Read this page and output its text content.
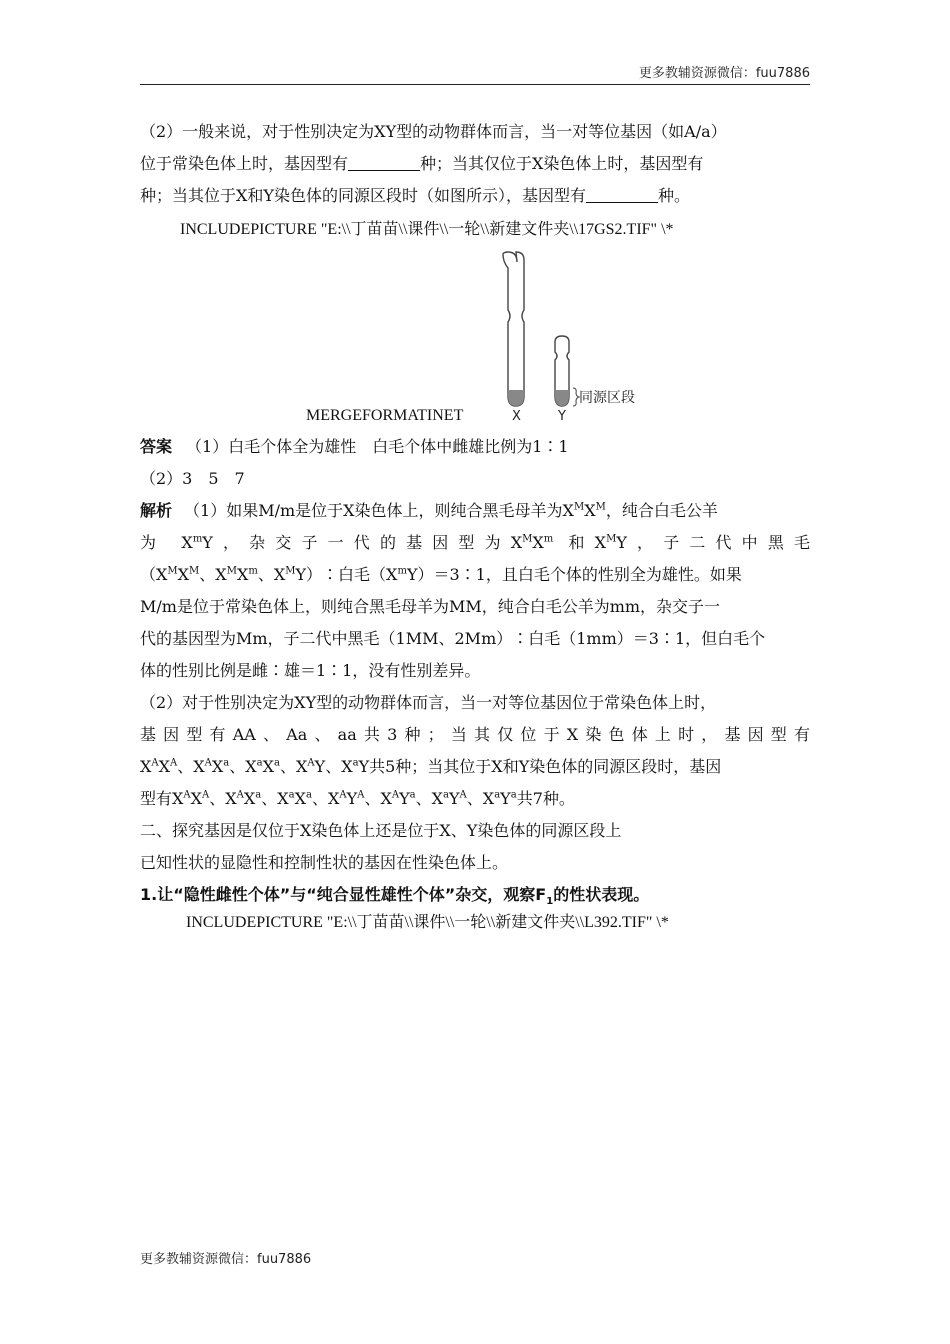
更多教辅资源微信：fuu7886
（2）一般来说，对于性别决定为XY型的动物群体而言，当一对等位基因（如A/a）
位于常染色体上时，基因型有	种；当其仅位于X染色体上时，基因型有
种；当其位于X和Y染色体的同源区段时（如图所示），基因型有	种。
INCLUDEPICTURE "E:\\丁苗苗\\课件\\一轮\\新建文件夹\\17GS2.TIF" \*
同源区段
X	Y
MERGEFORMATINET
答案 （1）白毛个体全为雄性　白毛个体中雌雄比例为1∶1
（2）3　5　7
解析 （1）如果M/m是位于X染色体上，则纯合黑毛母羊为$X^MX^M$，纯合白毛公羊
为 $X^mY$，杂交子一代的基因型为$X^MX^m$ 和$X^MY$，子二代中黑毛
（$X^MX^M$、$X^MX^m$、$X^MY)∶$白毛$(X^mY)=3∶1$，且白毛个体的性别全为雄性。如果
M/m是位于常染色体上，则纯合黑毛母羊为MM，纯合白毛公羊为mm，杂交子一
代的基因型为Mm，子二代中黑毛（1MM、2Mm）∶白毛（1mm）＝3∶1，但白毛个
体的性别比例是雌∶雄＝1∶1，没有性别差异。
（2）对于性别决定为XY型的动物群体而言，当一对等位基因位于常染色体上时，
基因型有AA、Aa、aa共3种；当其仅位于X染色体上时，基因型有
$X^AX^A$、$X^AX^a$、$X^aX^a$、$X^AY$、$X^aY$共5种；当其位于X和Y染色体的同源区段时，基因
型有$X^AX^A$、$X^AX^a$、$X^aX^a$、$X^AY^A$、$X^AY^a$、$X^aY^A$、$X^aY^a$共7种。
二、探究基因是仅位于X染色体上还是位于X、Y染色体的同源区段上
已知性状的显隐性和控制性状的基因在性染色体上。
1.让“隐性雌性个体”与“纯合显性雄性个体”杂交，观察$F_1$的性状表现。
INCLUDEPICTURE "E:\\丁苗苗\\课件\\一轮\\新建文件夹\\L392.TIF" \*
更多教辅资源微信：fuu7886
